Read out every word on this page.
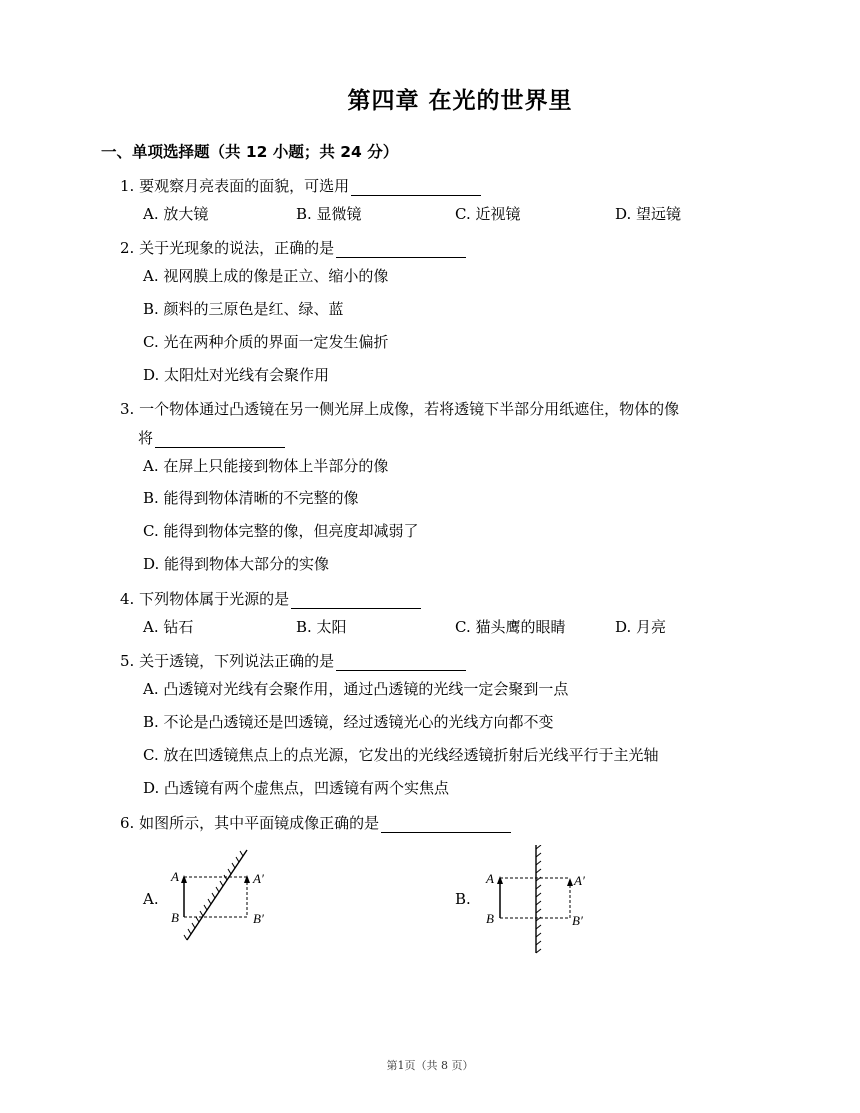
第四章 在光的世界里
一、单项选择题（共 12 小题；共 24 分）
1. 要观察月亮表面的面貌，可选用
A. 放大镜	B. 显微镜	C. 近视镜	D. 望远镜
2. 关于光现象的说法，正确的是
A. 视网膜上成的像是正立、缩小的像
B. 颜料的三原色是红、绿、蓝
C. 光在两种介质的界面一定发生偏折
D. 太阳灶对光线有会聚作用
3. 一个物体通过凸透镜在另一侧光屏上成像，若将透镜下半部分用纸遮住，物体的像
将
A. 在屏上只能接到物体上半部分的像
B. 能得到物体清晰的不完整的像
C. 能得到物体完整的像，但亮度却减弱了
D. 能得到物体大部分的实像
4. 下列物体属于光源的是
A. 钻石	B. 太阳	C. 猫头鹰的眼睛	D. 月亮
5. 关于透镜，下列说法正确的是
A. 凸透镜对光线有会聚作用，通过凸透镜的光线一定会聚到一点
B. 不论是凸透镜还是凹透镜，经过透镜光心的光线方向都不变
C. 放在凹透镜焦点上的点光源，它发出的光线经透镜折射后光线平行于主光轴
D. 凸透镜有两个虚焦点，凹透镜有两个实焦点
6. 如图所示，其中平面镜成像正确的是
A.	B.
A
B
A′
B′
A
B
A′
B′
第1页（共 8 页）
